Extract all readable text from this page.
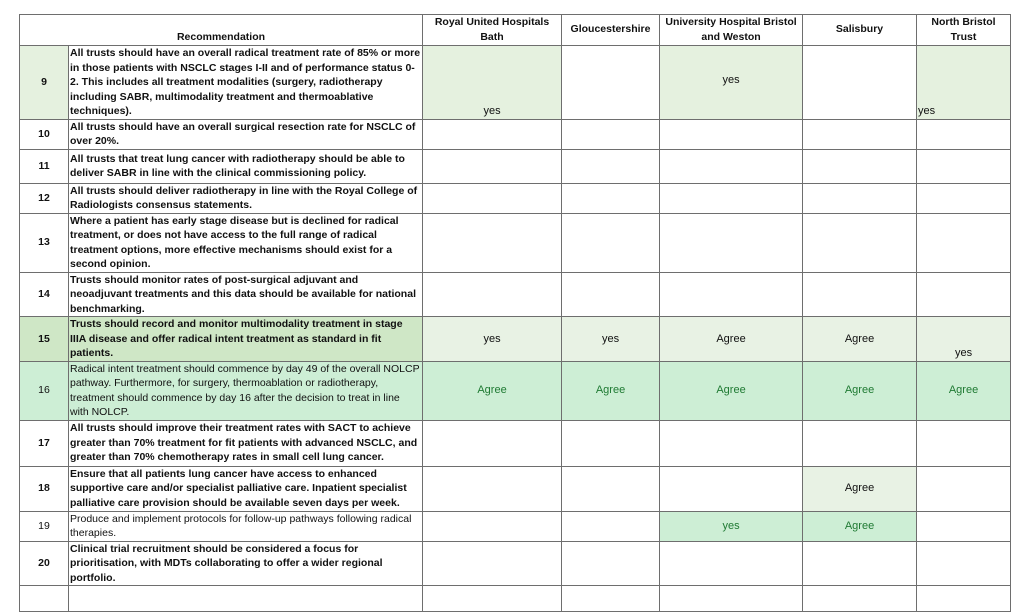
Recommendation		Royal United Hospitals Bath	Gloucestershire	University Hospital Bristol and Weston	Salisbury	North Bristol Trust
9	All trusts should have an overall radical treatment rate of 85% or more in those patients with NSCLC stages I-II and of performance status 0-2. This includes all treatment modalities (surgery, radiotherapy including SABR, multimodality treatment and thermoablative techniques).	yes		yes		yes
10	All trusts should have an overall surgical resection rate for NSCLC of over 20%.					
11	All trusts that treat lung cancer with radiotherapy should be able to deliver SABR in line with the clinical commissioning policy.					
12	All trusts should deliver radiotherapy in line with the Royal College of Radiologists consensus statements.					
13	Where a patient has early stage disease but is declined for radical treatment, or does not have access to the full range of radical treatment options, more effective mechanisms should exist for a second opinion.					
14	Trusts should monitor rates of post-surgical adjuvant and neoadjuvant treatments and this data should be available for national benchmarking.					
15	Trusts should record and monitor multimodality treatment in stage IIIA disease and offer radical intent treatment as standard in fit patients.	yes	yes	Agree	Agree	yes
16	Radical intent treatment should commence by day 49 of the overall NOLCP pathway. Furthermore, for surgery, thermoablation or radiotherapy, treatment should commence by day 16 after the decision to treat in line with NOLCP.	Agree	Agree	Agree	Agree	Agree
17	All trusts should improve their treatment rates with SACT to achieve greater than 70% treatment for fit patients with advanced NSCLC, and greater than 70% chemotherapy rates in small cell lung cancer.					
18	Ensure that all patients lung cancer have access to enhanced supportive care and/or specialist palliative care. Inpatient specialist palliative care provision should be available seven days per week.				Agree	
19	Produce and implement protocols for follow-up pathways following radical therapies.			yes	Agree	
20	Clinical trial recruitment should be considered a focus for prioritisation, with MDTs collaborating to offer a wider regional portfolio.					
